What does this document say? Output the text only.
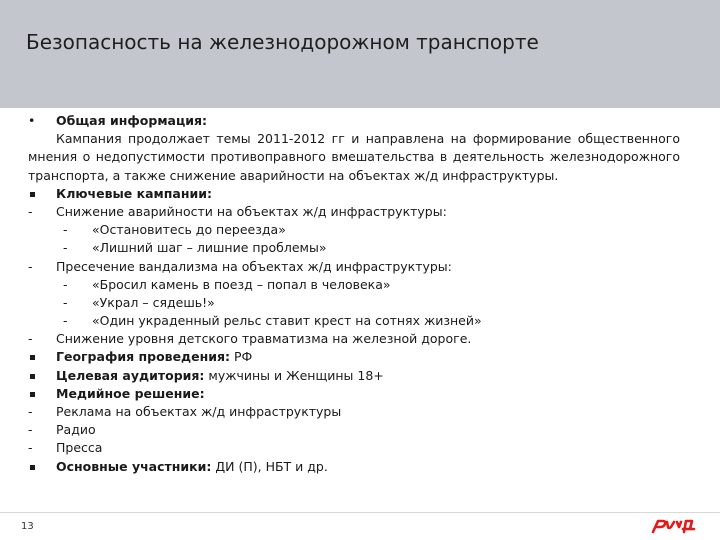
Безопасность на железнодорожном транспорте
• Общая информация:
Кампания продолжает темы 2011-2012 гг и направлена на формирование общественного мнения о недопустимости противоправного вмешательства в деятельность железнодорожного транспорта, а также снижение аварийности на объектах ж/д инфраструктуры.
Ключевые кампании:
- Снижение аварийности на объектах ж/д инфраструктуры:
- «Остановитесь до переезда»
- «Лишний шаг – лишние проблемы»
- Пресечение вандализма на объектах ж/д инфраструктуры:
- «Бросил камень в поезд – попал в человека»
- «Украл – сядешь!»
- «Один украденный рельс ставит крест на сотнях жизней»
- Снижение уровня детского травматизма на железной дороге.
География проведения: РФ
Целевая аудитория: мужчины и Женщины 18+
Медийное решение:
- Реклама на объектах ж/д инфраструктуры
- Радио
- Пресса
Основные участники: ДИ (П), НБТ и др.
13
